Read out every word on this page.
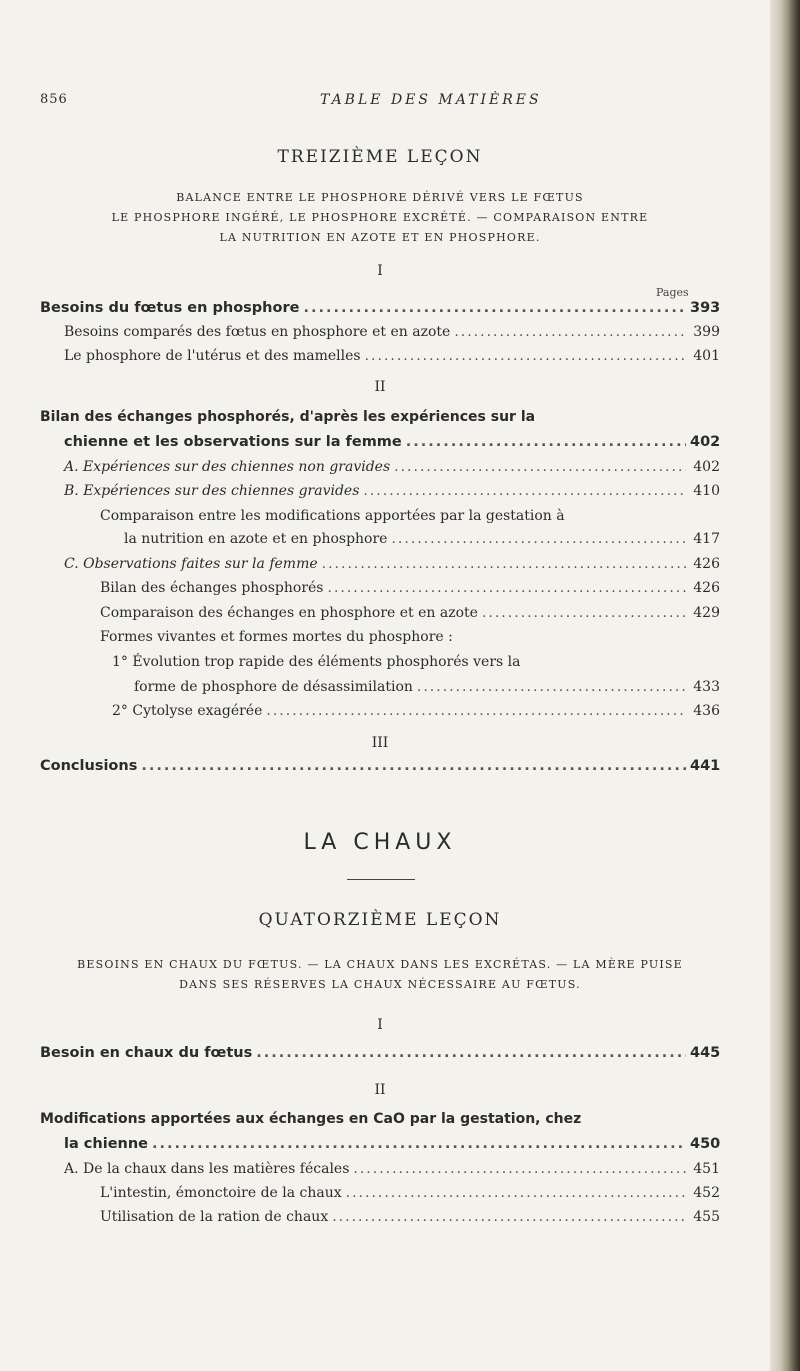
856	TABLE DES MATIÈRES
TREIZIÈME LEÇON
BALANCE ENTRE LE PHOSPHORE DÉRIVÉ VERS LE FŒTUS
LE PHOSPHORE INGÉRÉ, LE PHOSPHORE EXCRÉTÉ. — COMPARAISON ENTRE
LA NUTRITION EN AZOTE ET EN PHOSPHORE.
I
Pages
Besoins du fœtus en phosphore .....	393
Besoins comparés des fœtus en phosphore et en azote .....	399
Le phosphore de l'utérus et des mamelles .....	401
II
Bilan des échanges phosphorés, d'après les expériences sur la
chienne et les observations sur la femme .....	402
A. Expériences sur des chiennes non gravides .....	402
B. Expériences sur des chiennes gravides .....	410
Comparaison entre les modifications apportées par la gestation à
la nutrition en azote et en phosphore .....	417
C. Observations faites sur la femme .....	426
Bilan des échanges phosphorés .....	426
Comparaison des échanges en phosphore et en azote .....	429
Formes vivantes et formes mortes du phosphore :
1° Évolution trop rapide des éléments phosphorés vers la
forme de phosphore de désassimilation .....	433
2° Cytolyse exagérée .....	436
III
Conclusions .....	441
LA CHAUX
QUATORZIÈME LEÇON
BESOINS EN CHAUX DU FŒTUS. — LA CHAUX DANS LES EXCRÉTAS. — LA MÈRE PUISE
DANS SES RÉSERVES LA CHAUX NÉCESSAIRE AU FŒTUS.
I
Besoin en chaux du fœtus .....	445
II
Modifications apportées aux échanges en CaO par la gestation, chez
la chienne .....	450
A. De la chaux dans les matières fécales .....	451
L'intestin, émonctoire de la chaux .....	452
Utilisation de la ration de chaux .....	455
